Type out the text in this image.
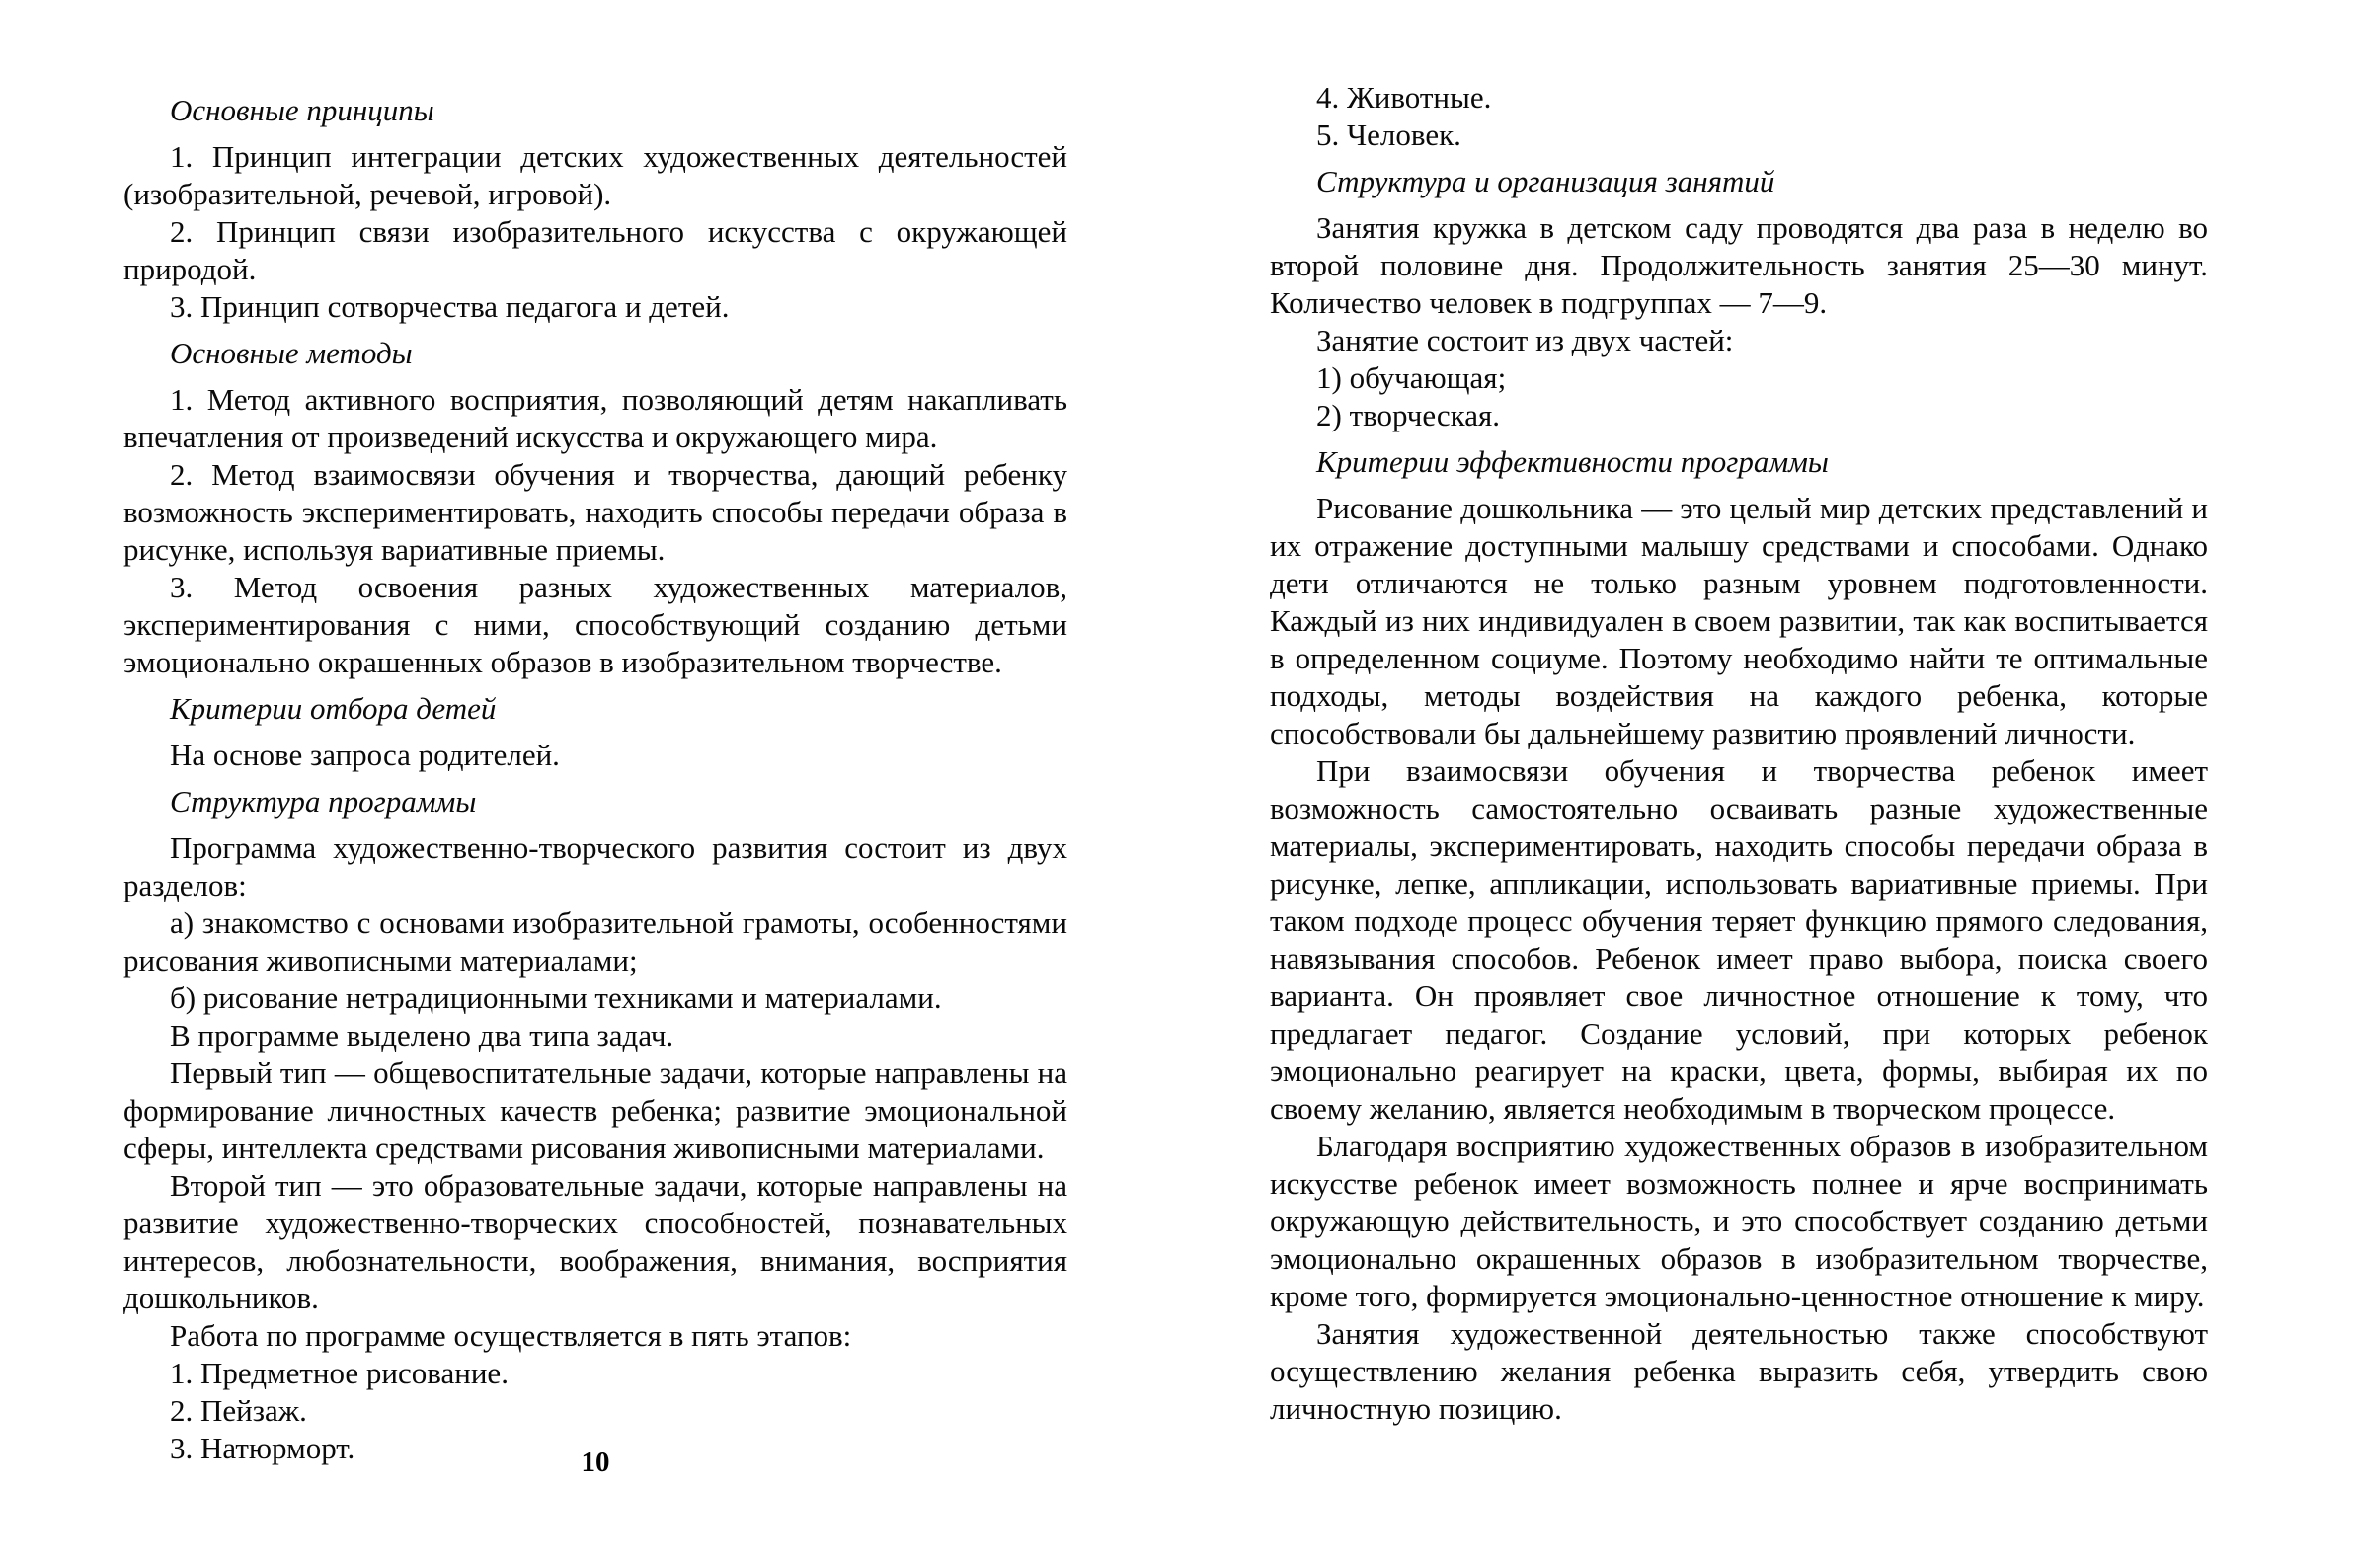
Основные принципы

1. Принцип интеграции детских художественных деятельностей (изобразительной, речевой, игровой).

2. Принцип связи изобразительного искусства с окружающей природой.

3. Принцип сотворчества педагога и детей.

Основные методы

1. Метод активного восприятия, позволяющий детям накапливать впечатления от произведений искусства и окружающего мира.

2. Метод взаимосвязи обучения и творчества, дающий ребенку возможность экспериментировать, находить способы передачи образа в рисунке, используя вариативные приемы.

3. Метод освоения разных художественных материалов, экспериментирования с ними, способствующий созданию детьми эмоционально окрашенных образов в изобразительном творчестве.

Критерии отбора детей

На основе запроса родителей.

Структура программы

Программа художественно-творческого развития состоит из двух разделов:

а) знакомство с основами изобразительной грамоты, особенностями рисования живописными материалами;

б) рисование нетрадиционными техниками и материалами.

В программе выделено два типа задач.

Первый тип — общевоспитательные задачи, которые направлены на формирование личностных качеств ребенка; развитие эмоциональной сферы, интеллекта средствами рисования живописными материалами.

Второй тип — это образовательные задачи, которые направлены на развитие художественно-творческих способностей, познавательных интересов, любознательности, воображения, внимания, восприятия дошкольников.

Работа по программе осуществляется в пять этапов:

1. Предметное рисование.

2. Пейзаж.

3. Натюрморт.

4. Животные.

5. Человек.

Структура и организация занятий

Занятия кружка в детском саду проводятся два раза в неделю во второй половине дня. Продолжительность занятия 25—30 минут. Количество человек в подгруппах — 7—9.

Занятие состоит из двух частей:

1) обучающая;

2) творческая.

Критерии эффективности программы

Рисование дошкольника — это целый мир детских представлений и их отражение доступными малышу средствами и способами. Однако дети отличаются не только разным уровнем подготовленности. Каждый из них индивидуален в своем развитии, так как воспитывается в определенном социуме. Поэтому необходимо найти те оптимальные подходы, методы воздействия на каждого ребенка, которые способствовали бы дальнейшему развитию проявлений личности.

При взаимосвязи обучения и творчества ребенок имеет возможность самостоятельно осваивать разные художественные материалы, экспериментировать, находить способы передачи образа в рисунке, лепке, аппликации, использовать вариативные приемы. При таком подходе процесс обучения теряет функцию прямого следования, навязывания способов. Ребенок имеет право выбора, поиска своего варианта. Он проявляет свое личностное отношение к тому, что предлагает педагог. Создание условий, при которых ребенок эмоционально реагирует на краски, цвета, формы, выбирая их по своему желанию, является необходимым в творческом процессе.

Благодаря восприятию художественных образов в изобразительном искусстве ребенок имеет возможность полнее и ярче воспринимать окружающую действительность, и это способствует созданию детьми эмоционально окрашенных образов в изобразительном творчестве, кроме того, формируется эмоционально-ценностное отношение к миру.

Занятия художественной деятельностью также способствуют осуществлению желания ребенка выразить себя, утвердить свою личностную позицию.

10
